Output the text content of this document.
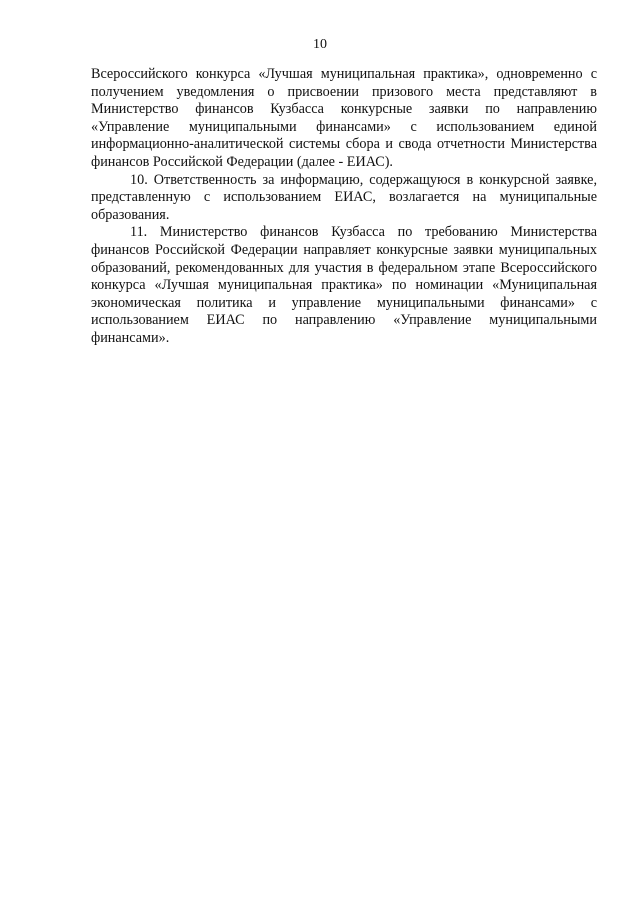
10

Всероссийского конкурса «Лучшая муниципальная практика», одновременно с получением уведомления о присвоении призового места представляют в Министерство финансов Кузбасса конкурсные заявки по направлению «Управление муниципальными финансами» с использованием единой информационно-аналитической системы сбора и свода отчетности Министерства финансов Российской Федерации (далее - ЕИАС).

10. Ответственность за информацию, содержащуюся в конкурсной заявке, представленную с использованием ЕИАС, возлагается на муниципальные образования.

11. Министерство финансов Кузбасса по требованию Министерства финансов Российской Федерации направляет конкурсные заявки муниципальных образований, рекомендованных для участия в федеральном этапе Всероссийского конкурса «Лучшая муниципальная практика» по номинации «Муниципальная экономическая политика и управление муниципальными финансами» с использованием ЕИАС по направлению «Управление муниципальными финансами».
